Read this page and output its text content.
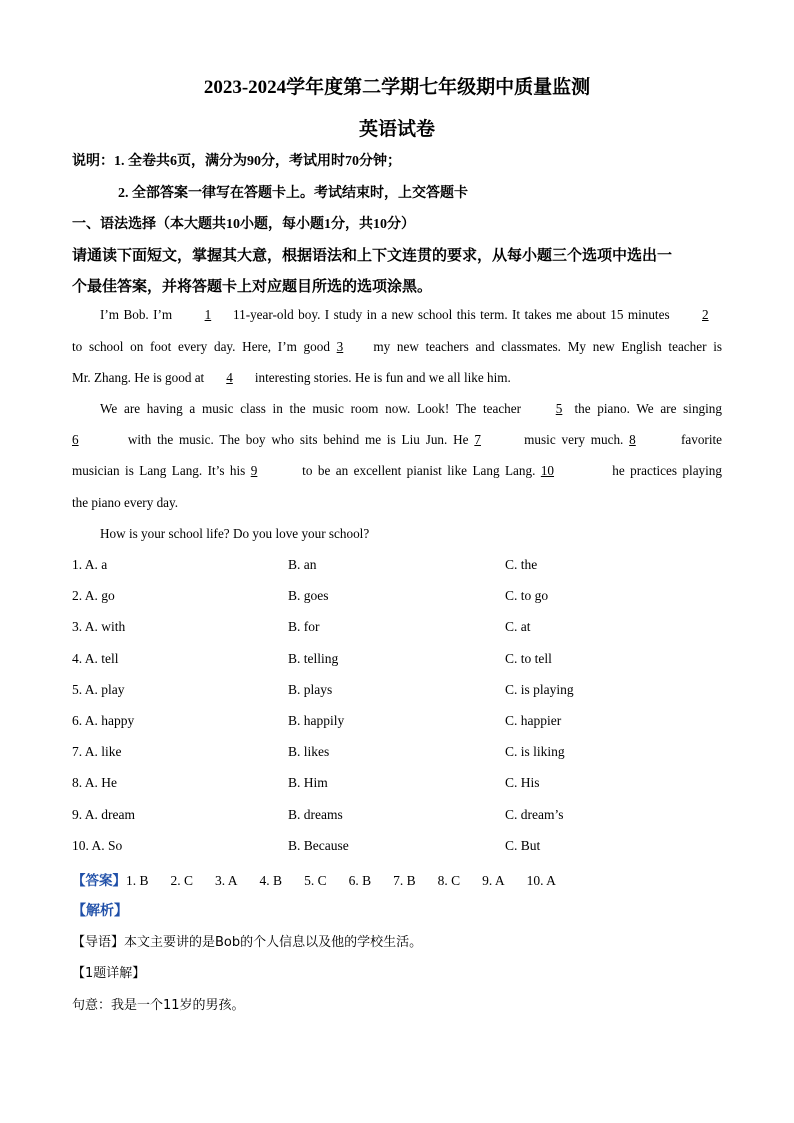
2023-2024学年度第二学期七年级期中质量监测
英语试卷
说明：1. 全卷共6页，满分为90分，考试用时70分钟；
2. 全部答案一律写在答题卡上。考试结束时，上交答题卡
一、语法选择（本大题共10小题，每小题1分，共10分）
请通读下面短文，掌握其大意，根据语法和上下文连贯的要求，从每小题三个选项中选出一
个最佳答案，并将答题卡上对应题目所选的选项涂黑。
I’m Bob. I’m 1 11-year-old boy. I study in a new school this term. It takes me about 15 minutes 2
to school on foot every day. Here, I’m good 3 my new teachers and classmates. My new English teacher is
Mr. Zhang. He is good at 4 interesting stories. He is fun and we all like him.
We are having a music class in the music room now. Look! The teacher 5 the piano. We are singing
6	with the music. The boy who sits behind me is Liu Jun. He 7	music very much. 8	favorite
musician is Lang Lang. It’s his 9	to be an excellent pianist like Lang Lang. 10	he practices playing
the piano every day.
How is your school life? Do you love your school?
1. A. a	B. an	C. the
2. A. go	B. goes	C. to go
3. A. with	B. for	C. at
4. A. tell	B. telling	C. to tell
5. A. play	B. plays	C. is playing
6. A. happy	B. happily	C. happier
7. A. like	B. likes	C. is liking
8. A. He	B. Him	C. His
9. A. dream	B. dreams	C. dream’s
10. A. So	B. Because	C. But
【答案】1. B 2. C 3. A 4. B 5. C 6. B 7. B 8. C 9. A 10. A
【解析】
【导语】本文主要讲的是Bob的个人信息以及他的学校生活。
【1题详解】
句意：我是一个11岁的男孩。
